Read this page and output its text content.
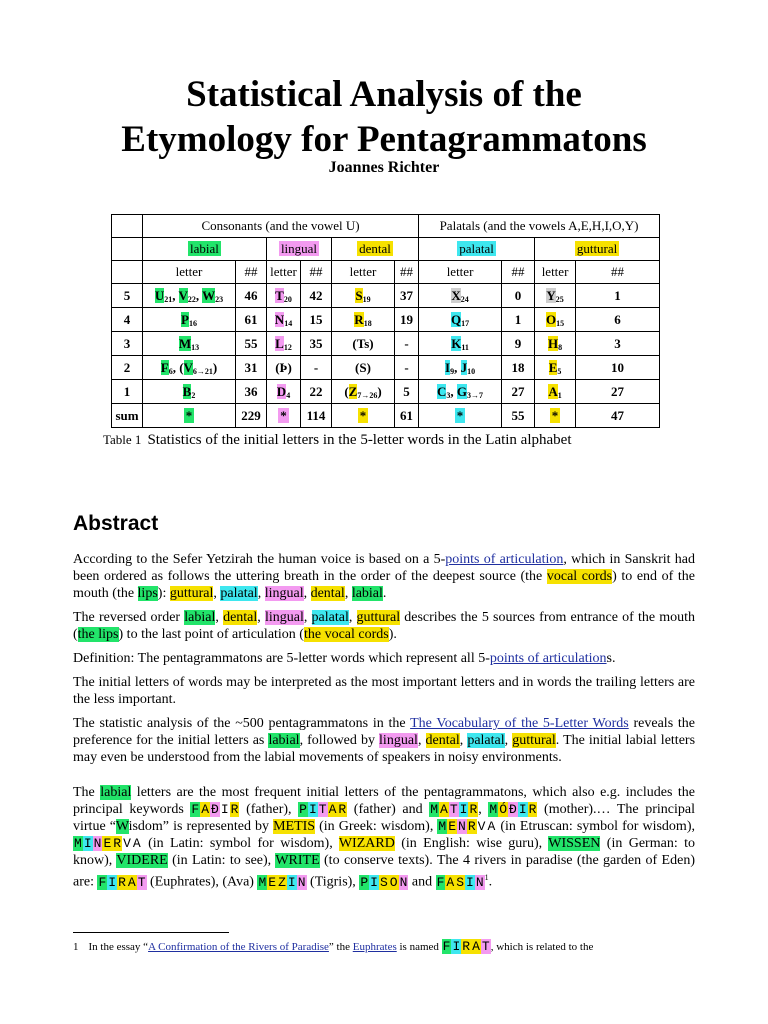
Statistical Analysis of the
Etymology for Pentagrammatons
Joannes Richter
	Consonants (and the vowel U)						Palatals (and the vowels A,E,H,I,O,Y)			
	labial		lingual		dental		palatal		guttural	
	letter	##	letter	##	letter	##	letter	##	letter	##
5	$U_{21}$, $V_{22}$, $W_{23}$	46	$T_{20}$	42	$S_{19}$	37	$X_{24}$	0	$Y_{25}$	1
4	$P_{16}$	61	$N_{14}$	15	$R_{18}$	19	$Q_{17}$	1	$O_{15}$	6
3	$M_{13}$	55	$L_{12}$	35	(Ts)	-	$K_{11}$	9	$H_8$	3
2	$F_6$, $(V_{6\to 21})$	31	(Þ)	-	(S)	-	$I_9$, $J_{10}$	18	$E_5$	10
1	$B_2$	36	$D_4$	22	$(Z_{7\to 26})$	5	$C_3$, $G_{3\to 7}$	27	$A_1$	27
sum	*	229	*	114	*	61	*	55	*	47
Table 1 Statistics of the initial letters in the 5-letter words in the Latin alphabet
Abstract

According to the Sefer Yetzirah the human voice is based on a 5-points of articulation, which in Sanskrit had been ordered as follows the uttering breath in the order of the deepest source (the vocal cords) to end of the mouth (the lips): guttural, palatal, lingual, dental, labial.

The reversed order labial, dental, lingual, palatal, guttural describes the 5 sources from entrance of the mouth (the lips) to the last point of articulation (the vocal cords).

Definition: The pentagrammatons are 5-letter words which represent all 5-points of articulations.

The initial letters of words may be interpreted as the most important letters and in words the trailing letters are the less important.

The statistic analysis of the ~500 pentagrammatons in the The Vocabulary of the 5-Letter Words reveals the preference for the initial letters as labial, followed by lingual, dental, palatal, guttural. The initial labial letters may even be understood from the labial movements of speakers in noisy environments.

The labial letters are the most frequent initial letters of the pentagrammatons, which also e.g. includes the principal keywords F A Ð I R (father), P I T A R (father) and M A T I R, M Ó Ð I R (mother).… The principal virtue “Wisdom” is represented by METIS (in Greek: wisdom), M E N R V A (in Etruscan: symbol for wisdom), M I N E R V A (in Latin: symbol for wisdom), WIZARD (in English: wise guru), WISSEN (in German: to know), VIDERE (in Latin: to see), WRITE (to conserve texts). The 4 rivers in paradise (the garden of Eden) are: F I R A T (Euphrates), (Ava) M E Z I N (Tigris), P I S O N and F A S I $N^1$.

1 In the essay “A Confirmation of the Rivers of Paradise” the Euphrates is named F I R A T, which is related to the
